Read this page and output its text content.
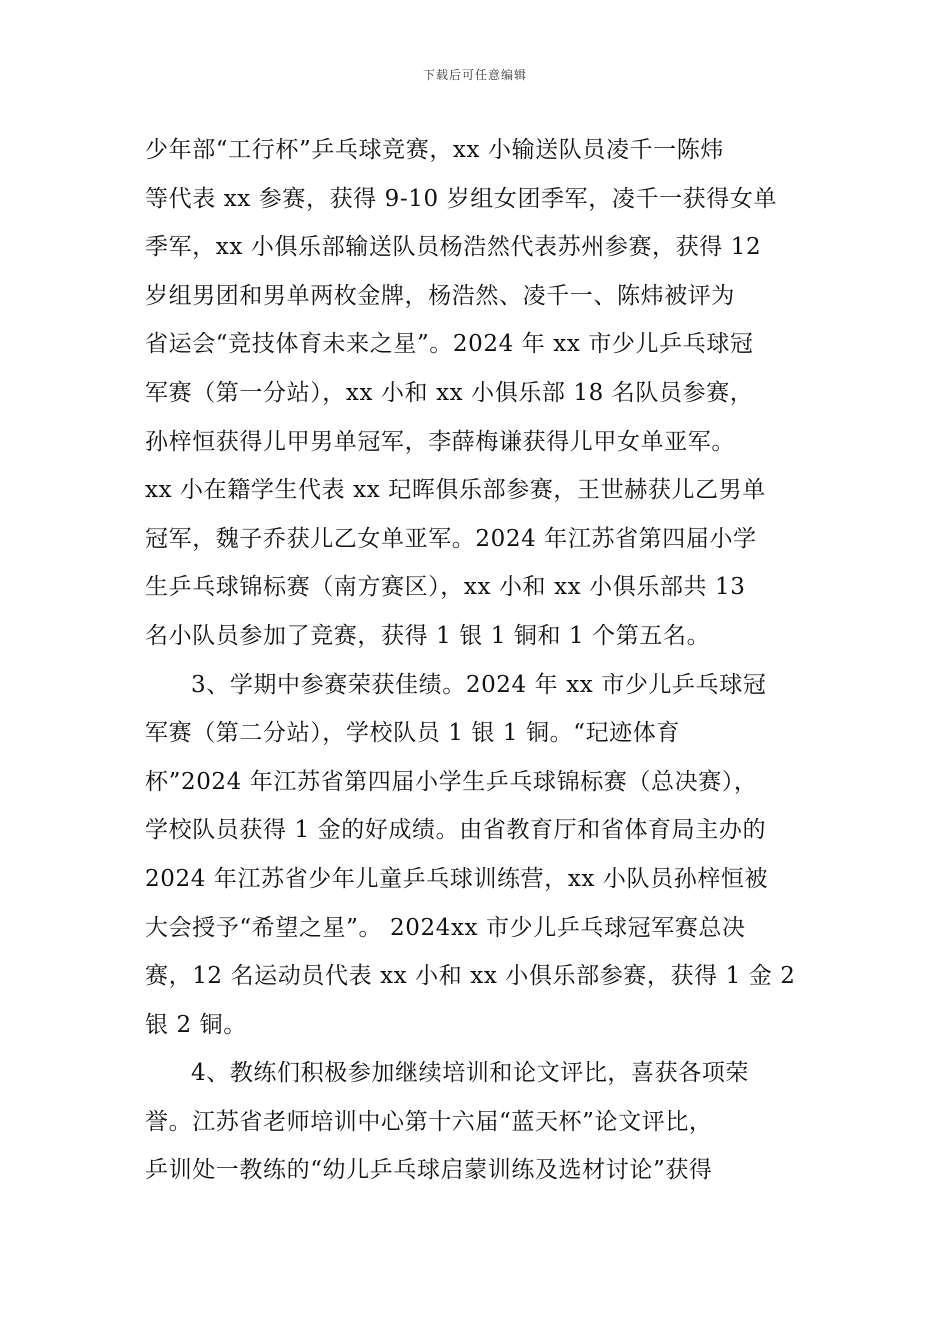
下载后可任意编辑
少年部“工行杯”乒乓球竞赛，xx 小输送队员凌千一陈炜
等代表 xx 参赛，获得 9-10 岁组女团季军，凌千一获得女单
季军，xx 小俱乐部输送队员杨浩然代表苏州参赛，获得 12
岁组男团和男单两枚金牌，杨浩然、凌千一、陈炜被评为
省运会“竞技体育未来之星”。2024 年 xx 市少儿乒乓球冠
军赛（第一分站），xx 小和 xx 小俱乐部 18 名队员参赛，
孙梓恒获得儿甲男单冠军，李薛梅谦获得儿甲女单亚军。
xx 小在籍学生代表 xx 玘晖俱乐部参赛，王世赫获儿乙男单
冠军，魏子乔获儿乙女单亚军。2024 年江苏省第四届小学
生乒乓球锦标赛（南方赛区），xx 小和 xx 小俱乐部共 13
名小队员参加了竞赛，获得 1 银 1 铜和 1 个第五名。
3、学期中参赛荣获佳绩。2024 年 xx 市少儿乒乓球冠
军赛（第二分站），学校队员 1 银 1 铜。“玘迹体育
杯”2024 年江苏省第四届小学生乒乓球锦标赛（总决赛），
学校队员获得 1 金的好成绩。由省教育厅和省体育局主办的
2024 年江苏省少年儿童乒乓球训练营，xx 小队员孙梓恒被
大会授予“希望之星”。 2024xx 市少儿乒乓球冠军赛总决
赛，12 名运动员代表 xx 小和 xx 小俱乐部参赛，获得 1 金 2
银 2 铜。
4、教练们积极参加继续培训和论文评比，喜获各项荣
誉。江苏省老师培训中心第十六届“蓝天杯”论文评比，
乒训处一教练的“幼儿乒乓球启蒙训练及选材讨论”获得
